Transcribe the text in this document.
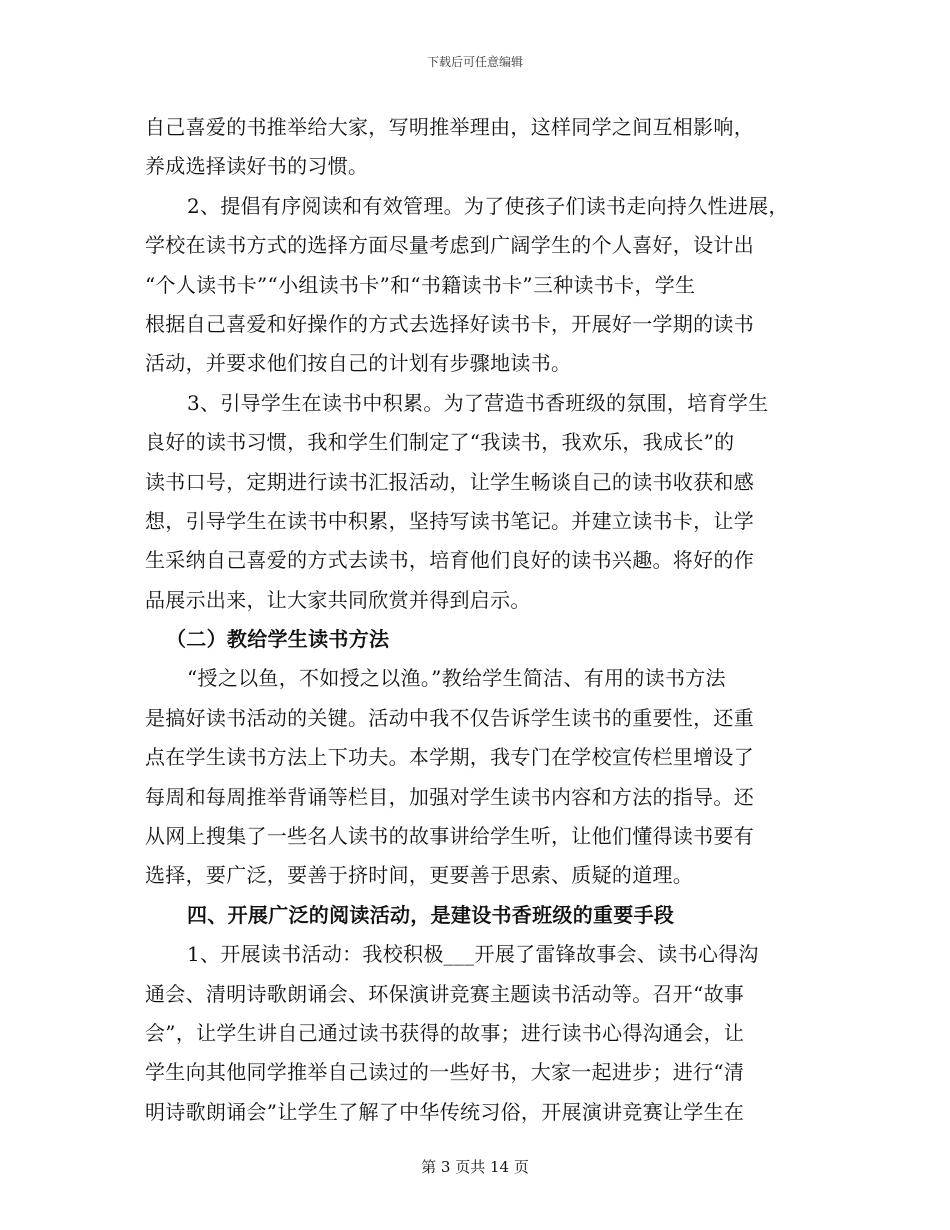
下载后可任意编辑
自己喜爱的书推举给大家，写明推举理由，这样同学之间互相影响，
养成选择读好书的习惯。
2、提倡有序阅读和有效管理。为了使孩子们读书走向持久性进展，
学校在读书方式的选择方面尽量考虑到广阔学生的个人喜好，设计出
“个人读书卡”“小组读书卡”和“书籍读书卡”三种读书卡，学生
根据自己喜爱和好操作的方式去选择好读书卡，开展好一学期的读书
活动，并要求他们按自己的计划有步骤地读书。
3、引导学生在读书中积累。为了营造书香班级的氛围，培育学生
良好的读书习惯，我和学生们制定了“我读书，我欢乐，我成长”的
读书口号，定期进行读书汇报活动，让学生畅谈自己的读书收获和感
想，引导学生在读书中积累，坚持写读书笔记。并建立读书卡，让学
生采纳自己喜爱的方式去读书，培育他们良好的读书兴趣。将好的作
品展示出来，让大家共同欣赏并得到启示。
（二）教给学生读书方法
“授之以鱼，不如授之以渔。”教给学生简洁、有用的读书方法
是搞好读书活动的关键。活动中我不仅告诉学生读书的重要性，还重
点在学生读书方法上下功夫。本学期，我专门在学校宣传栏里增设了
每周和每周推举背诵等栏目，加强对学生读书内容和方法的指导。还
从网上搜集了一些名人读书的故事讲给学生听，让他们懂得读书要有
选择，要广泛，要善于挤时间，更要善于思索、质疑的道理。
四、开展广泛的阅读活动，是建设书香班级的重要手段
1、开展读书活动：我校积极___开展了雷锋故事会、读书心得沟
通会、清明诗歌朗诵会、环保演讲竞赛主题读书活动等。召开“故事
会”，让学生讲自己通过读书获得的故事；进行读书心得沟通会，让
学生向其他同学推举自己读过的一些好书，大家一起进步；进行“清
明诗歌朗诵会”让学生了解了中华传统习俗，开展演讲竞赛让学生在
第 3 页共 14 页
